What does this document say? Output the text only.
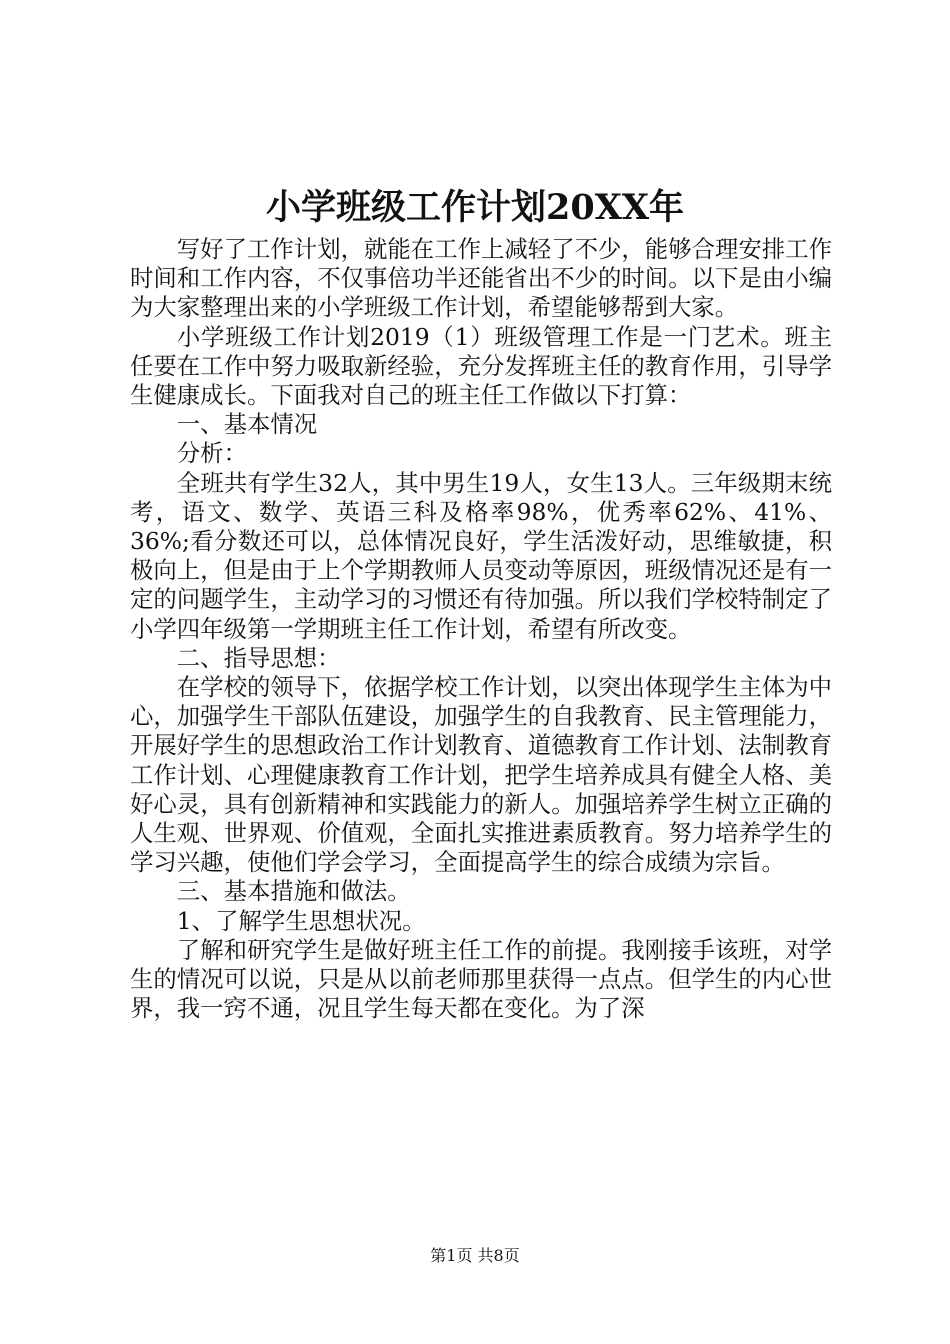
小学班级工作计划20XX年

写好了工作计划，就能在工作上减轻了不少，能够合理安排工作时间和工作内容，不仅事倍功半还能省出不少的时间。以下是由小编为大家整理出来的小学班级工作计划，希望能够帮到大家。

小学班级工作计划2019（1）班级管理工作是一门艺术。班主任要在工作中努力吸取新经验，充分发挥班主任的教育作用，引导学生健康成长。下面我对自己的班主任工作做以下打算：

一、基本情况

分析：

全班共有学生32人，其中男生19人，女生13人。三年级期末统考，语文、数学、英语三科及格率98%，优秀率62%、41%、36%;看分数还可以，总体情况良好，学生活泼好动，思维敏捷，积极向上，但是由于上个学期教师人员变动等原因，班级情况还是有一定的问题学生，主动学习的习惯还有待加强。所以我们学校特制定了小学四年级第一学期班主任工作计划，希望有所改变。

二、指导思想：

在学校的领导下，依据学校工作计划，以突出体现学生主体为中心，加强学生干部队伍建设，加强学生的自我教育、民主管理能力，开展好学生的思想政治工作计划教育、道德教育工作计划、法制教育工作计划、心理健康教育工作计划，把学生培养成具有健全人格、美好心灵，具有创新精神和实践能力的新人。加强培养学生树立正确的人生观、世界观、价值观，全面扎实推进素质教育。努力培养学生的学习兴趣，使他们学会学习，全面提高学生的综合成绩为宗旨。

三、基本措施和做法。

1、了解学生思想状况。

了解和研究学生是做好班主任工作的前提。我刚接手该班，对学生的情况可以说，只是从以前老师那里获得一点点。但学生的内心世界，我一窍不通，况且学生每天都在变化。为了深

第1页 共8页
